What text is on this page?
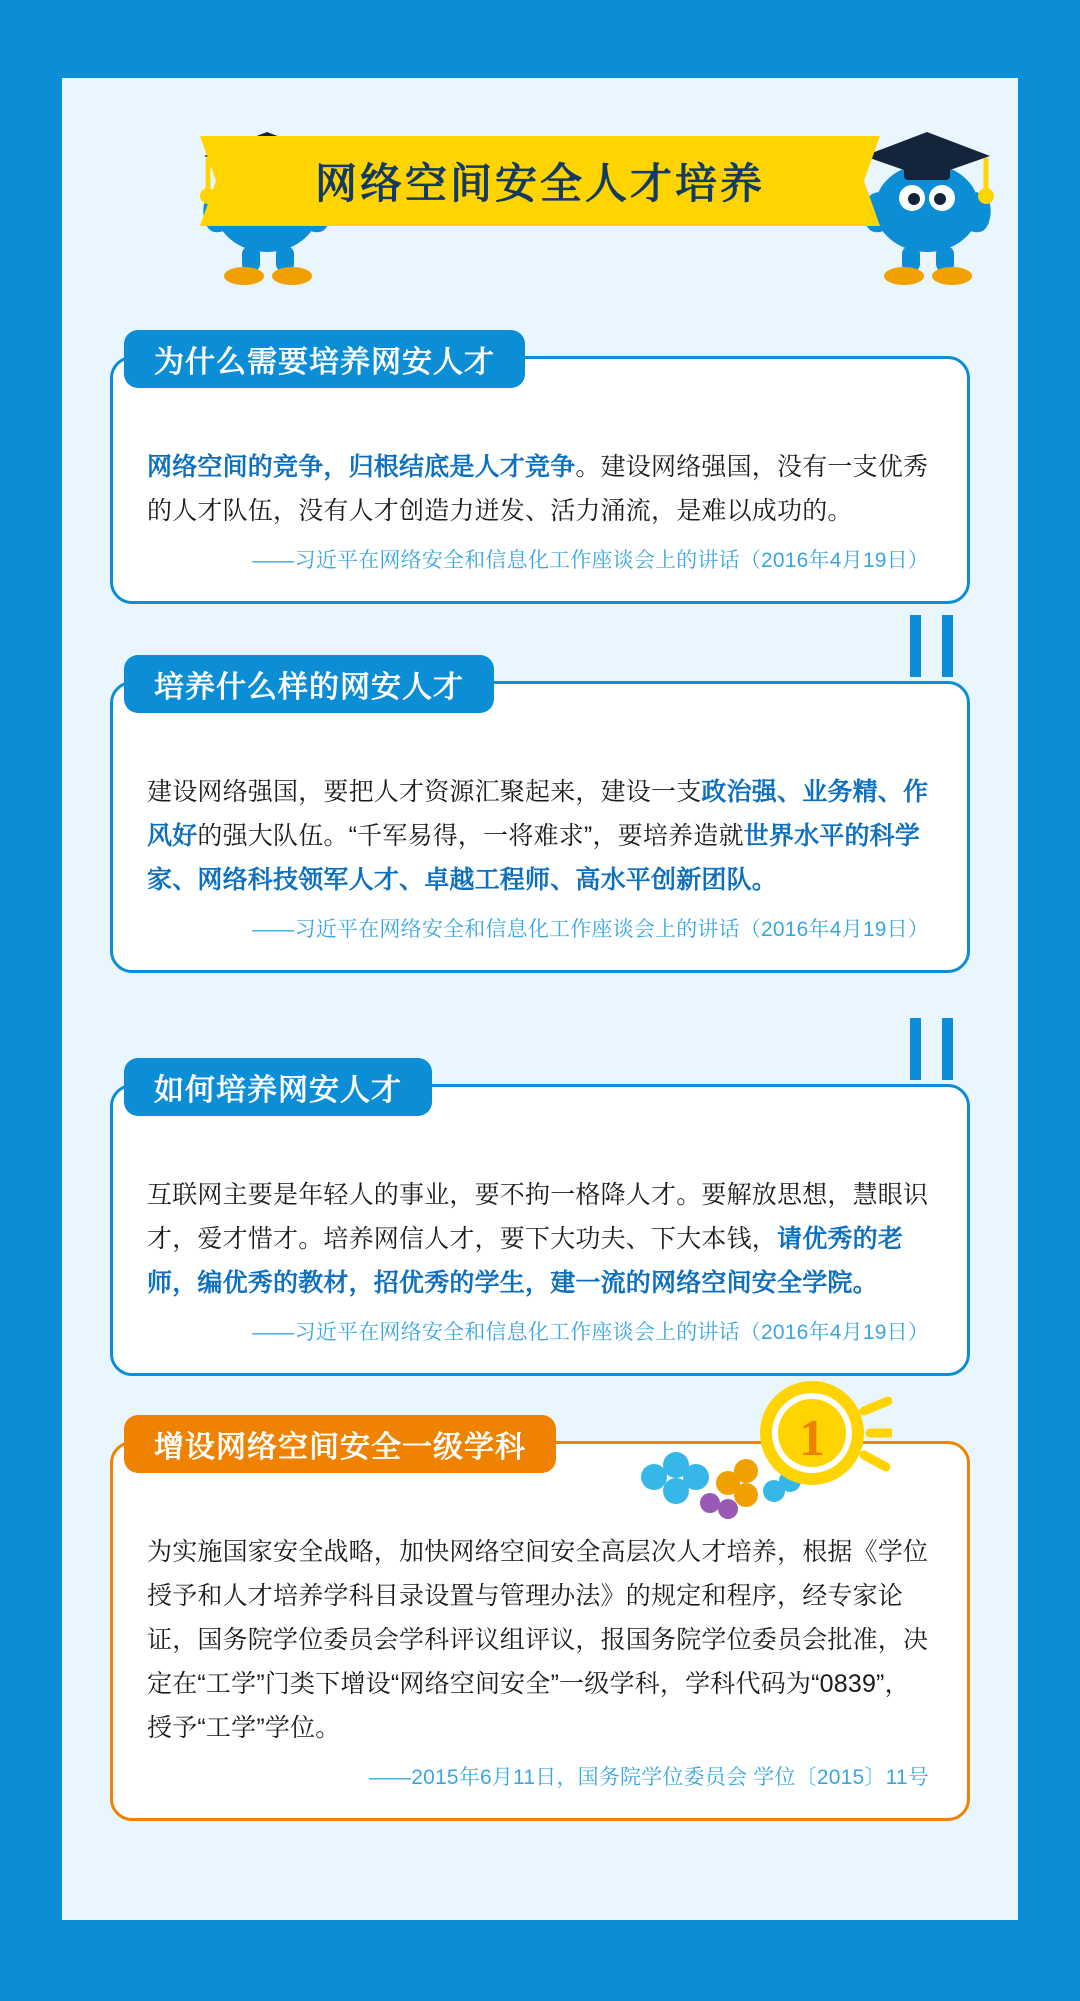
网络空间安全人才培养
网络空间的竞争，归根结底是人才竞争。建设网络强国，没有一支优秀的人才队伍，没有人才创造力迸发、活力涌流，是难以成功的。
——习近平在网络安全和信息化工作座谈会上的讲话（2016年4月19日）
为什么需要培养网安人才
建设网络强国，要把人才资源汇聚起来，建设一支政治强、业务精、作风好的强大队伍。“千军易得，一将难求”，要培养造就世界水平的科学家、网络科技领军人才、卓越工程师、高水平创新团队。
——习近平在网络安全和信息化工作座谈会上的讲话（2016年4月19日）
培养什么样的网安人才
互联网主要是年轻人的事业，要不拘一格降人才。要解放思想，慧眼识才，爱才惜才。培养网信人才，要下大功夫、下大本钱，请优秀的老师，编优秀的教材，招优秀的学生，建一流的网络空间安全学院。
——习近平在网络安全和信息化工作座谈会上的讲话（2016年4月19日）
如何培养网安人才
1
为实施国家安全战略，加快网络空间安全高层次人才培养，根据《学位授予和人才培养学科目录设置与管理办法》的规定和程序，经专家论证，国务院学位委员会学科评议组评议，报国务院学位委员会批准，决定在“工学”门类下增设“网络空间安全”一级学科，学科代码为“0839”，授予“工学”学位。
——2015年6月11日，国务院学位委员会 学位〔2015〕11号
增设网络空间安全一级学科
